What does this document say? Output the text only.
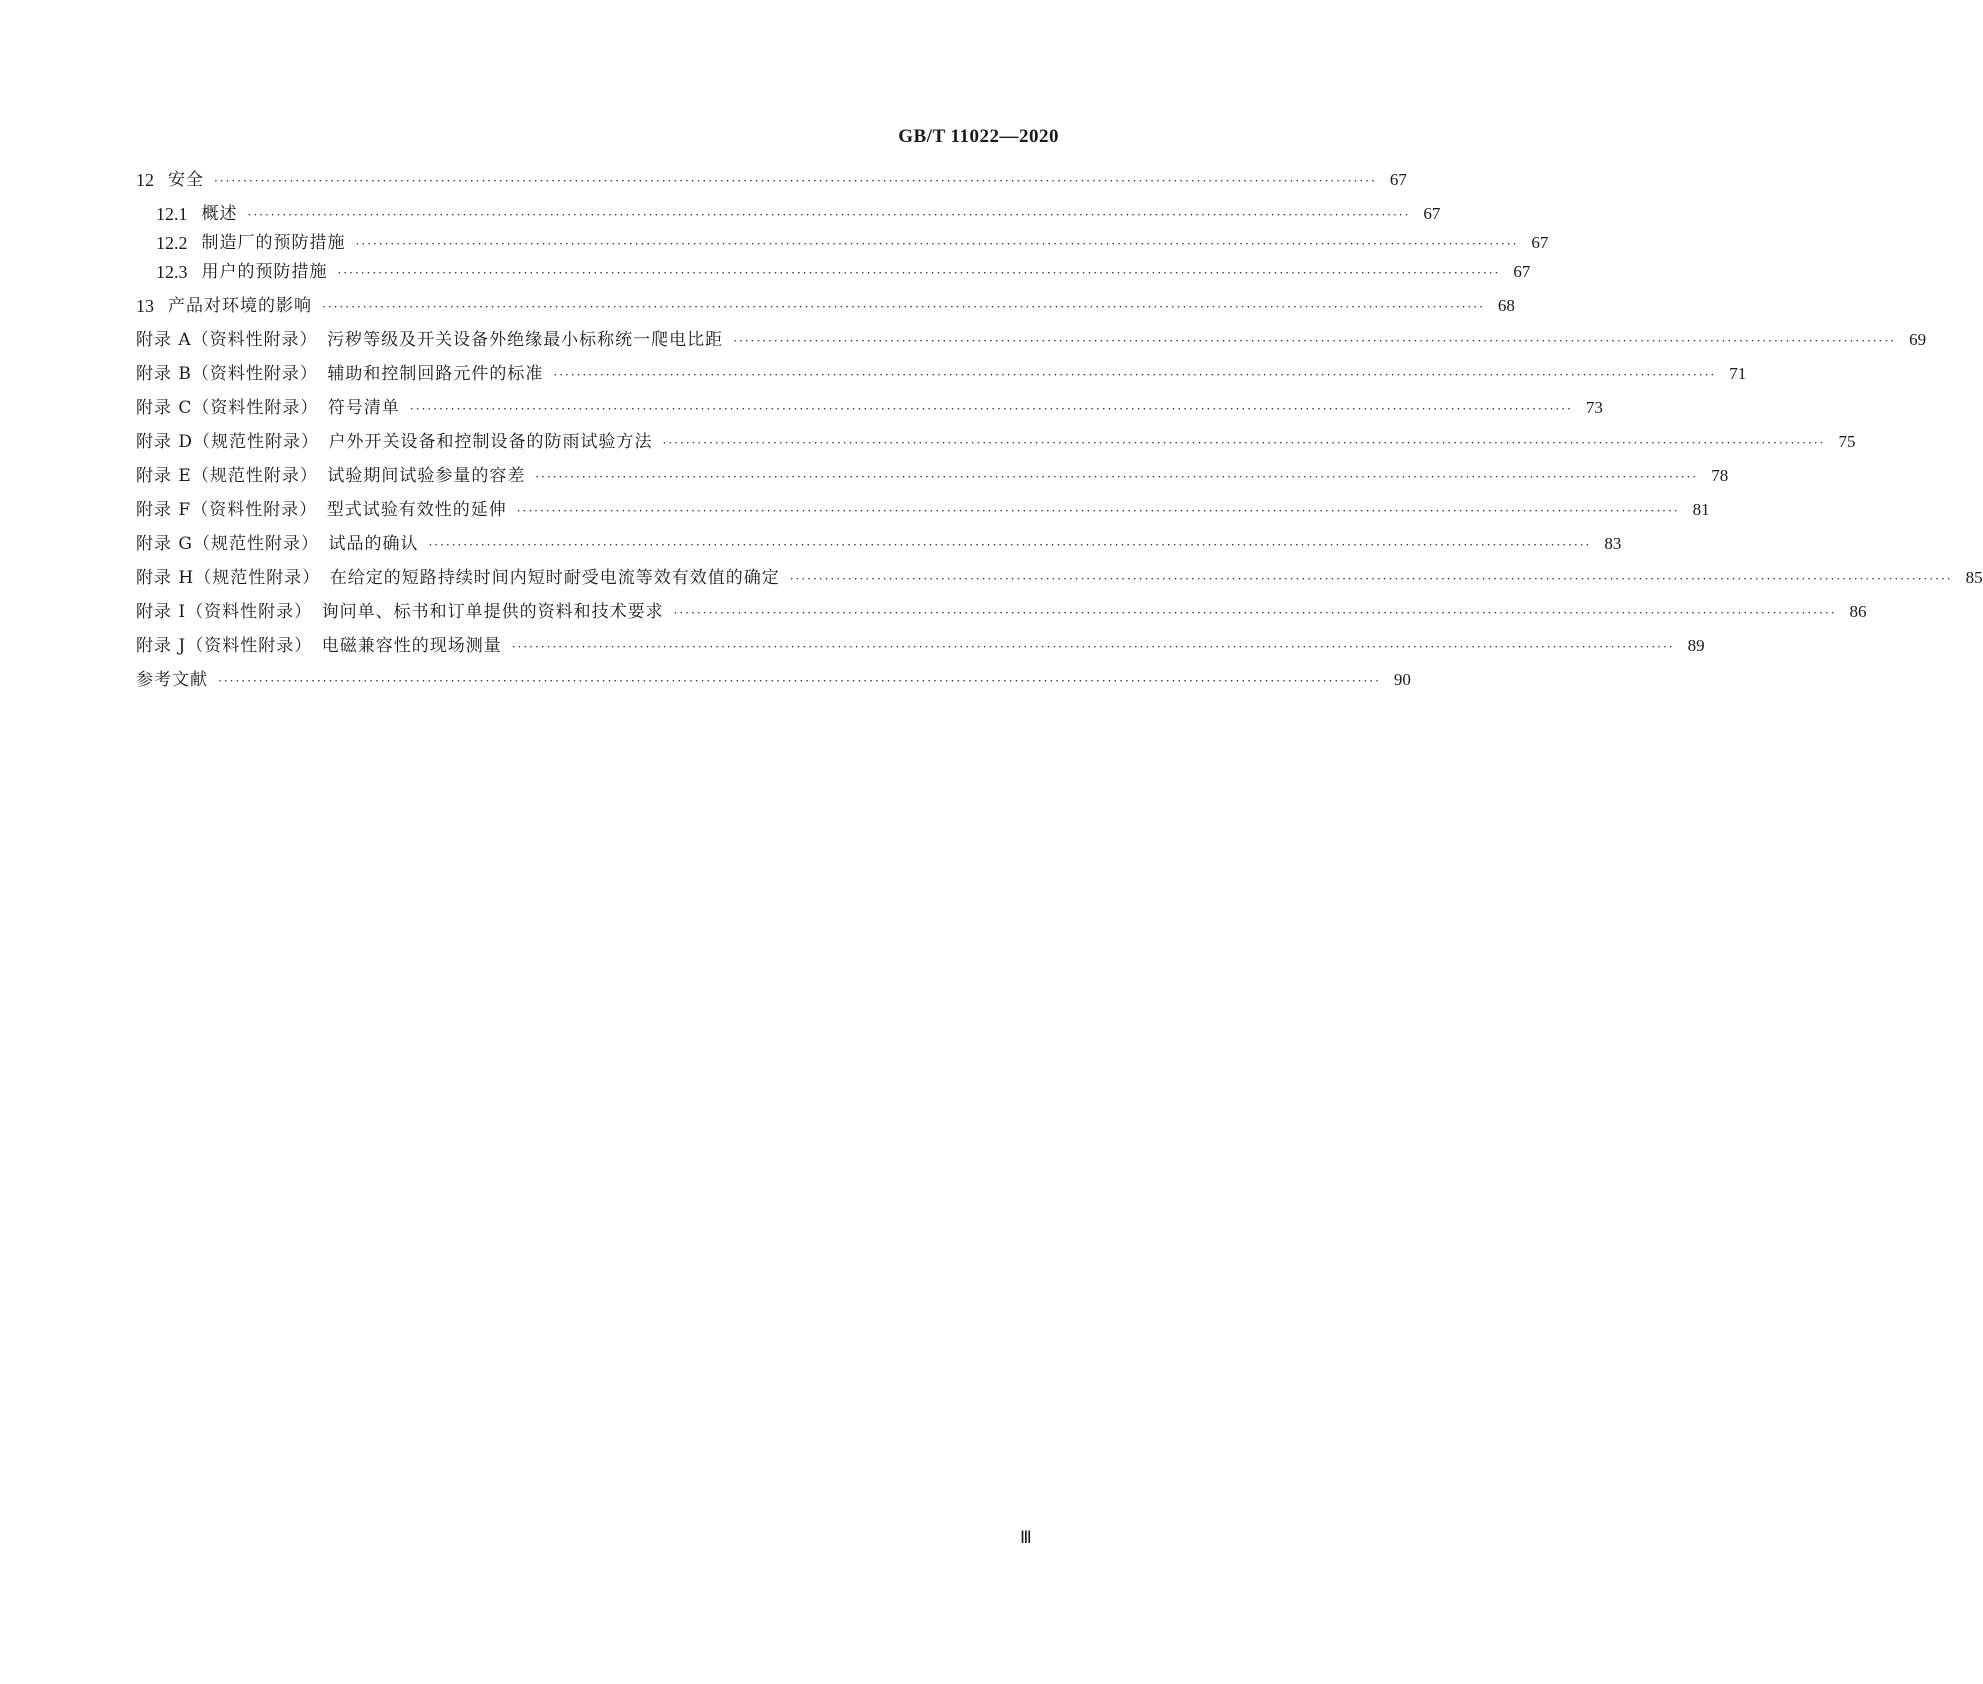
GB/T 11022—2020
12 安全 ········································································································································································································ 67
12.1 概述 ········································································································································································································ 67
12.2 制造厂的预防措施 ········································································································································································································ 67
12.3 用户的预防措施 ········································································································································································································ 67
13 产品对环境的影响 ········································································································································································································ 68
附录 A（资料性附录）　污秽等级及开关设备外绝缘最小标称统一爬电比距 ········································································································································································································ 69
附录 B（资料性附录）　辅助和控制回路元件的标准 ········································································································································································································ 71
附录 C（资料性附录）　符号清单 ········································································································································································································ 73
附录 D（规范性附录）　户外开关设备和控制设备的防雨试验方法 ········································································································································································································ 75
附录 E（规范性附录）　试验期间试验参量的容差 ········································································································································································································ 78
附录 F（资料性附录）　型式试验有效性的延伸 ········································································································································································································ 81
附录 G（规范性附录）　试品的确认 ········································································································································································································ 83
附录 H（规范性附录）　在给定的短路持续时间内短时耐受电流等效有效值的确定 ········································································································································································································ 85
附录 I（资料性附录）　询问单、标书和订单提供的资料和技术要求 ········································································································································································································ 86
附录 J（资料性附录）　电磁兼容性的现场测量 ········································································································································································································ 89
参考文献 ········································································································································································································ 90
Ⅲ
